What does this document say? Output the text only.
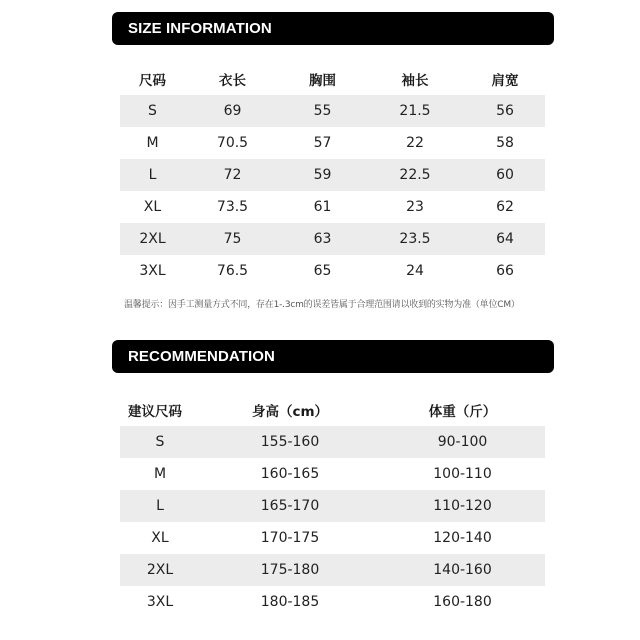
SIZE INFORMATION
尺码	衣长	胸围	袖长	肩宽
S	69	55	21.5	56
M	70.5	57	22	58
L	72	59	22.5	60
XL	73.5	61	23	62
2XL	75	63	23.5	64
3XL	76.5	65	24	66
温馨提示：因手工测量方式不同，存在1-.3cm的误差皆属于合理范围请以收到的实物为准（单位CM）
RECOMMENDATION
建议尺码	身高（cm）	体重（斤）
S	155-160	90-100
M	160-165	100-110
L	165-170	110-120
XL	170-175	120-140
2XL	175-180	140-160
3XL	180-185	160-180
